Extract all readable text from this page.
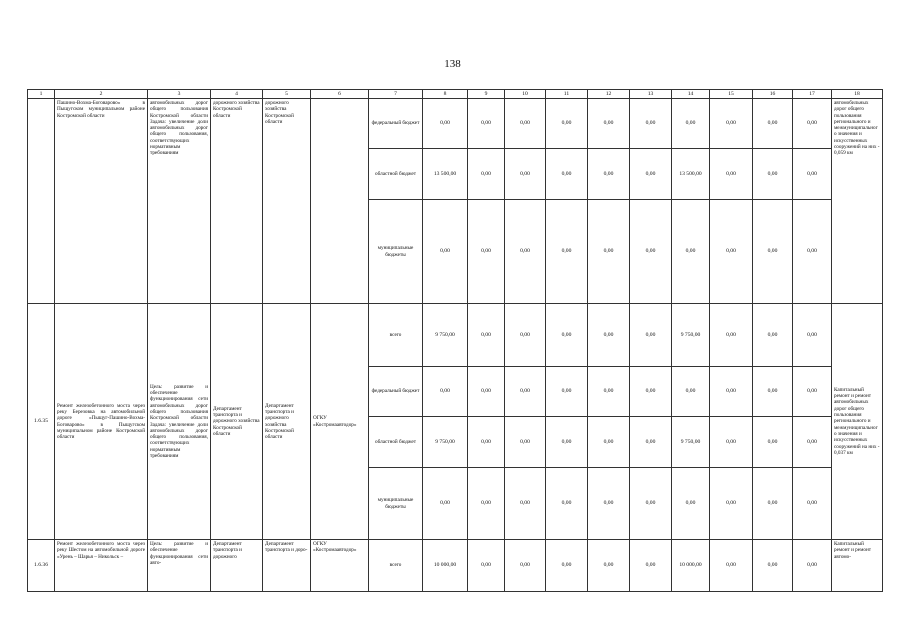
138
1	2	3	4	5	6	7	8	9	10	11	12	13	14	15	16	17	18
	Пашино-Вохма-Боговарово» в Пыщугском муниципальном районе Костромской области	автомобильных дорог общего пользования Костромской области Задача: увеличение доли автомобильных дорог общего пользования, соответствующих нормативным требованиям	дорожного хозяйства Костромской области	дорожного хозяйства Костромской области		федеральный бюджет	0,00	0,00	0,00	0,00	0,00	0,00	0,00	0,00	0,00	0,00	автомобильных дорог общего пользования регионального и межмуниципального значения и искусственных сооружений на них - 0,059 км
						областной бюджет	13 500,00	0,00	0,00	0,00	0,00	0,00	13 500,00	0,00	0,00	0,00	
						муниципальные бюджеты	0,00	0,00	0,00	0,00	0,00	0,00	0,00	0,00	0,00	0,00	
1.6.35	Ремонт железобетонного моста через реку Березовка на автомобильной дороге «Пыщуг-Пашино-Вохма-Боговарово» в Пыщугском муниципальном районе Костромской области	Цель: развитие и обеспечение функционирования сети автомобильных дорог общего пользования Костромской области Задача: увеличение доли автомобильных дорог общего пользования, соответствующих нормативным требованиям	Департамент транспорта и дорожного хозяйства Костромской области	Департамент транспорта и дорожного хозяйства Костромской области	ОГКУ «Костромаавтодор»	всего	9 750,00	0,00	0,00	0,00	0,00	0,00	9 750,00	0,00	0,00	0,00	Капитальный ремонт и ремонт автомобильных дорог общего пользования регионального и межмуниципального значения и искусственных сооружений на них - 0,037 км
						федеральный бюджет	0,00	0,00	0,00	0,00	0,00	0,00	0,00	0,00	0,00	0,00	
						областной бюджет	9 750,00	0,00	0,00	0,00	0,00	0,00	9 750,00	0,00	0,00	0,00	
						муниципальные бюджеты	0,00	0,00	0,00	0,00	0,00	0,00	0,00	0,00	0,00	0,00	
1.6.36	Ремонт железобетонного моста через реку Шестом на автомобильной дороге «Урень – Шарья – Никольск –	Цель: развитие и обеспечение функционирования сети авто-	Департамент транспорта и дорожного	Департамент транспорта и доро-	ОГКУ «Костромаавтодор»	всего	10 000,00	0,00	0,00	0,00	0,00	0,00	10 000,00	0,00	0,00	0,00	Капитальный ремонт и ремонт автомо-
